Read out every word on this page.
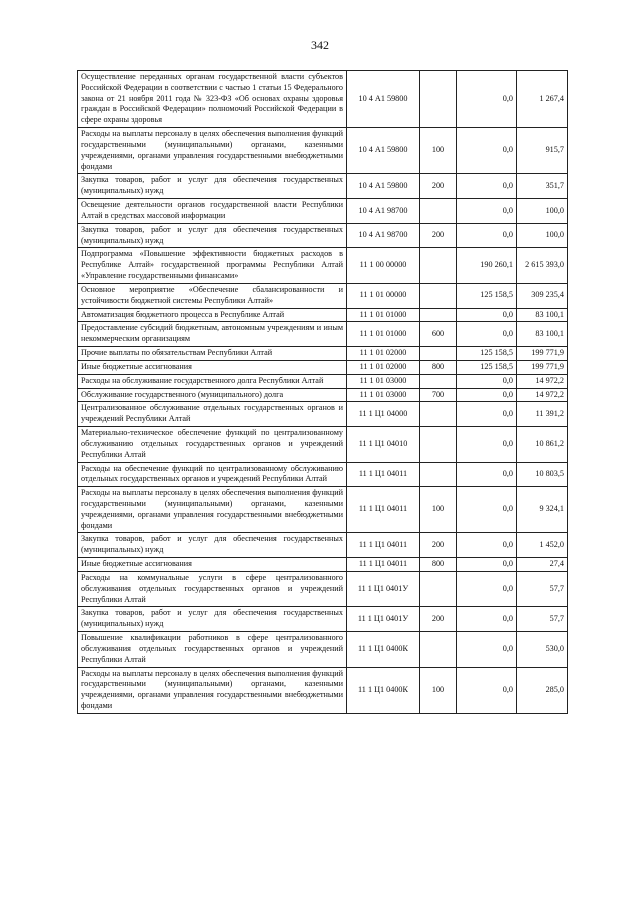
342
Осуществление переданных органам государственной власти субъектов Российской Федерации в соответствии с частью 1 статьи 15 Федерального закона от 21 ноября 2011 года № 323-ФЗ «Об основах охраны здоровья граждан в Российской Федерации» полномочий Российской Федерации в сфере охраны здоровья	10 4 А1 59800		0,0	1 267,4
Расходы на выплаты персоналу в целях обеспечения выполнения функций государственными (муниципальными) органами, казенными учреждениями, органами управления государственными внебюджетными фондами	10 4 А1 59800	100	0,0	915,7
Закупка товаров, работ и услуг для обеспечения государственных (муниципальных) нужд	10 4 А1 59800	200	0,0	351,7
Освещение деятельности органов государственной власти Республики Алтай в средствах массовой информации	10 4 А1 98700		0,0	100,0
Закупка товаров, работ и услуг для обеспечения государственных (муниципальных) нужд	10 4 А1 98700	200	0,0	100,0
Подпрограмма «Повышение эффективности бюджетных расходов в Республике Алтай» государственной программы Республики Алтай «Управление государственными финансами»	11 1 00 00000		190 260,1	2 615 393,0
Основное мероприятие «Обеспечение сбалансированности и устойчивости бюджетной системы Республики Алтай»	11 1 01 00000		125 158,5	309 235,4
Автоматизация бюджетного процесса в Республике Алтай	11 1 01 01000		0,0	83 100,1
Предоставление субсидий бюджетным, автономным учреждениям и иным некоммерческим организациям	11 1 01 01000	600	0,0	83 100,1
Прочие выплаты по обязательствам Республики Алтай	11 1 01 02000		125 158,5	199 771,9
Иные бюджетные ассигнования	11 1 01 02000	800	125 158,5	199 771,9
Расходы на обслуживание государственного долга Республики Алтай	11 1 01 03000		0,0	14 972,2
Обслуживание государственного (муниципального) долга	11 1 01 03000	700	0,0	14 972,2
Централизованное обслуживание отдельных государственных органов и учреждений Республики Алтай	11 1 Ц1 04000		0,0	11 391,2
Материально-техническое обеспечение функций по централизованному обслуживанию отдельных государственных органов и учреждений Республики Алтай	11 1 Ц1 04010		0,0	10 861,2
Расходы на обеспечение функций по централизованному обслуживанию отдельных государственных органов и учреждений Республики Алтай	11 1 Ц1 04011		0,0	10 803,5
Расходы на выплаты персоналу в целях обеспечения выполнения функций государственными (муниципальными) органами, казенными учреждениями, органами управления государственными внебюджетными фондами	11 1 Ц1 04011	100	0,0	9 324,1
Закупка товаров, работ и услуг для обеспечения государственных (муниципальных) нужд	11 1 Ц1 04011	200	0,0	1 452,0
Иные бюджетные ассигнования	11 1 Ц1 04011	800	0,0	27,4
Расходы на коммунальные услуги в сфере централизованного обслуживания отдельных государственных органов и учреждений Республики Алтай	11 1 Ц1 0401У		0,0	57,7
Закупка товаров, работ и услуг для обеспечения государственных (муниципальных) нужд	11 1 Ц1 0401У	200	0,0	57,7
Повышение квалификации работников в сфере централизованного обслуживания отдельных государственных органов и учреждений Республики Алтай	11 1 Ц1 0400К		0,0	530,0
Расходы на выплаты персоналу в целях обеспечения выполнения функций государственными (муниципальными) органами, казенными учреждениями, органами управления государственными внебюджетными фондами	11 1 Ц1 0400К	100	0,0	285,0
